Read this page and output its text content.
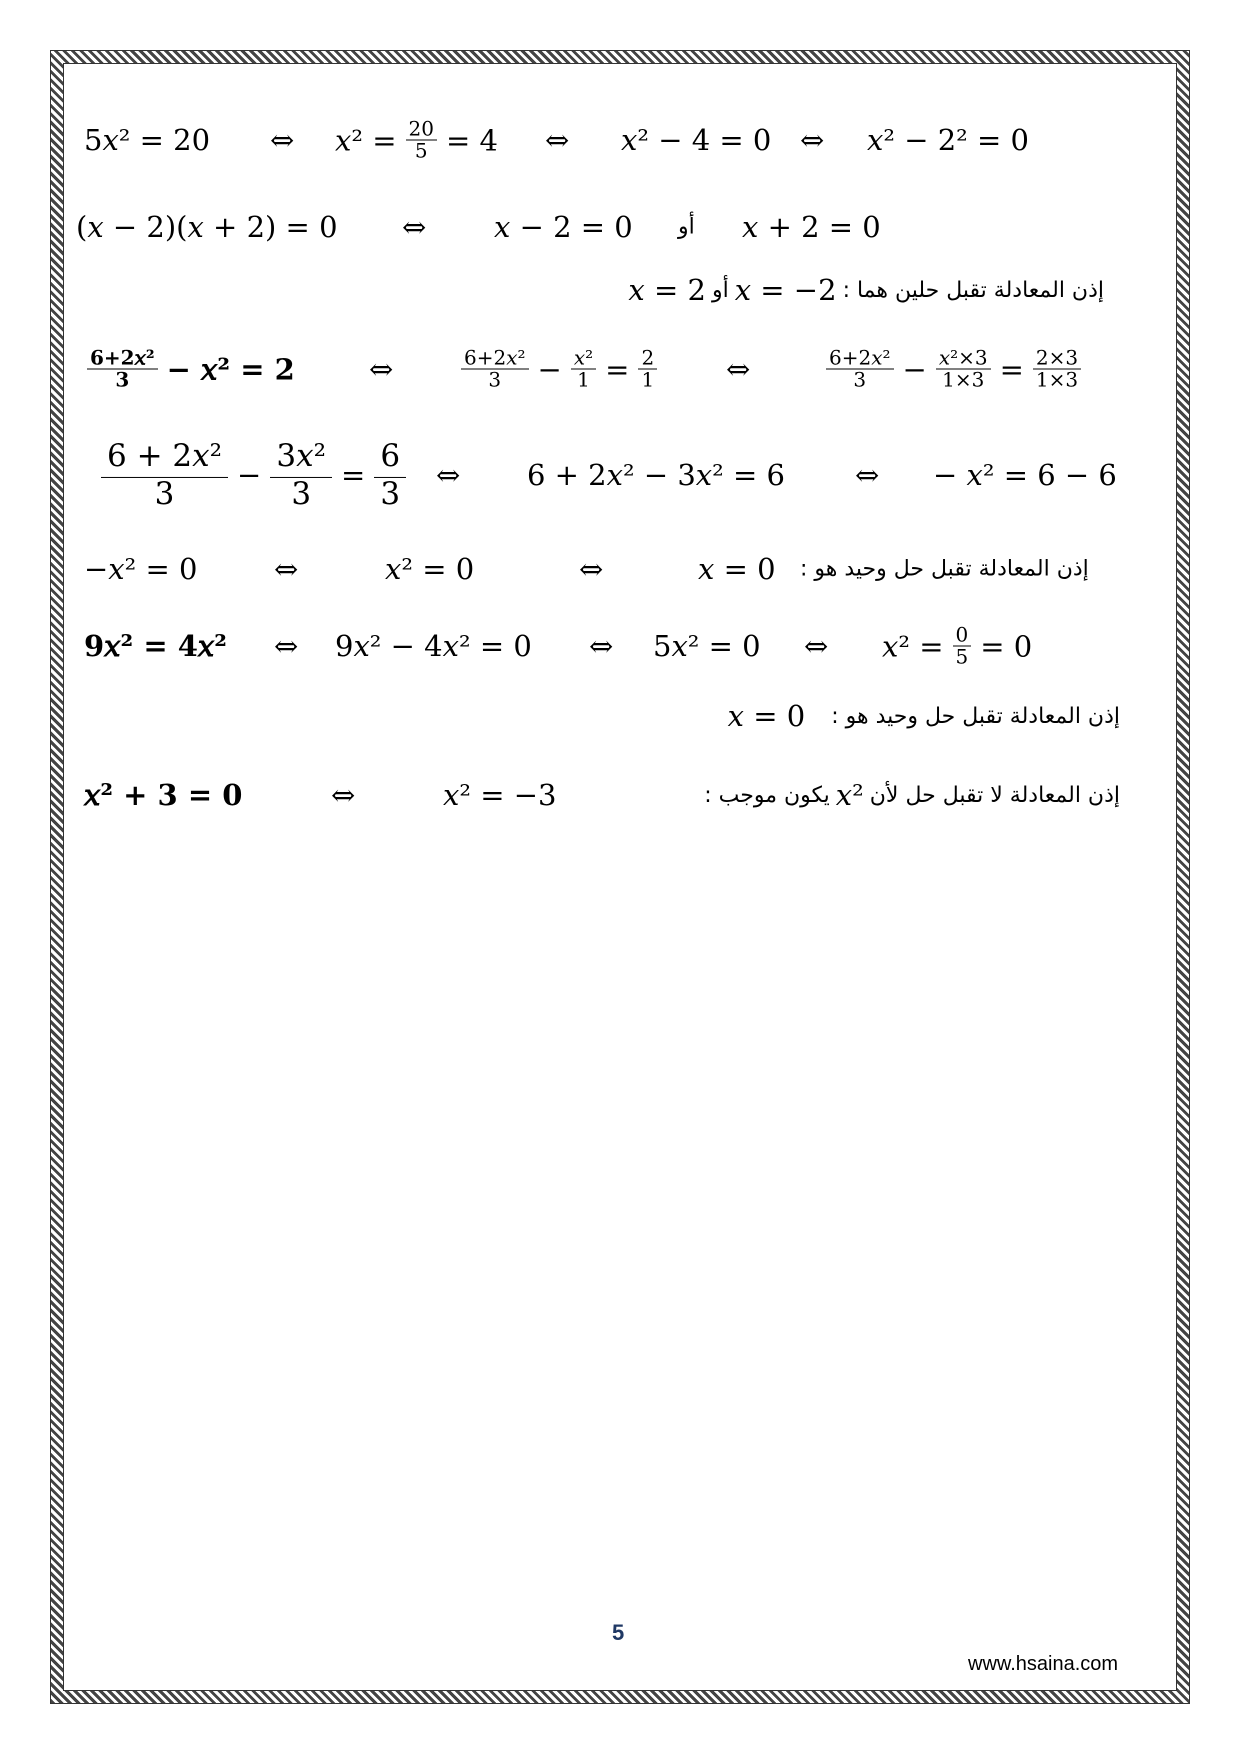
5𝑥² = 20 ⇔ 𝑥² = $\frac{20}{5} = 4$ ⇔ 𝑥² − 4 = 0 ⇔ 𝑥² − 2² = 0
(𝑥 − 2)(𝑥 + 2) = 0 ⇔ 𝑥 − 2 = 0 أو 𝑥 + 2 = 0
إذن المعادلة تقبل حلين هما :
𝑥 = −2
أو
𝑥 = 2
$\frac{\text{6+2𝑥²}}{3}$ − 𝑥² = 2	⇔	$\frac{\text{6+2𝑥²}}{3} - \frac{\text{𝑥²}}{1} = \frac{2}{1}$ ⇔	$\frac{\text{6+2𝑥²}}{3} - \frac{\text{𝑥²×3}}{1\times 3} = \frac{2\times 3}{1\times 3}$
$\frac{\text{6 + 2𝑥²}}{3} - \frac{\text{3𝑥²}}{3} = \frac{6}{3}$ ⇔ 6 + 2𝑥² − 3𝑥² = 6 ⇔ − 𝑥² = 6 − 6
−𝑥² = 0	⇔	𝑥² = 0	⇔	𝑥 = 0 إذن المعادلة تقبل حل وحيد هو :
9𝑥² = 4𝑥² ⇔ 9𝑥² − 4𝑥² = 0 ⇔ 5𝑥² = 0 ⇔ 𝑥² = $\frac{0}{5} = 0$
إذن المعادلة تقبل حل وحيد هو :
𝑥 = 0
𝑥² + 3 = 0	⇔	𝑥² = −3	إذن المعادلة لا تقبل حل لأن
𝑥²
يكون موجب :
5
www.hsaina.com
